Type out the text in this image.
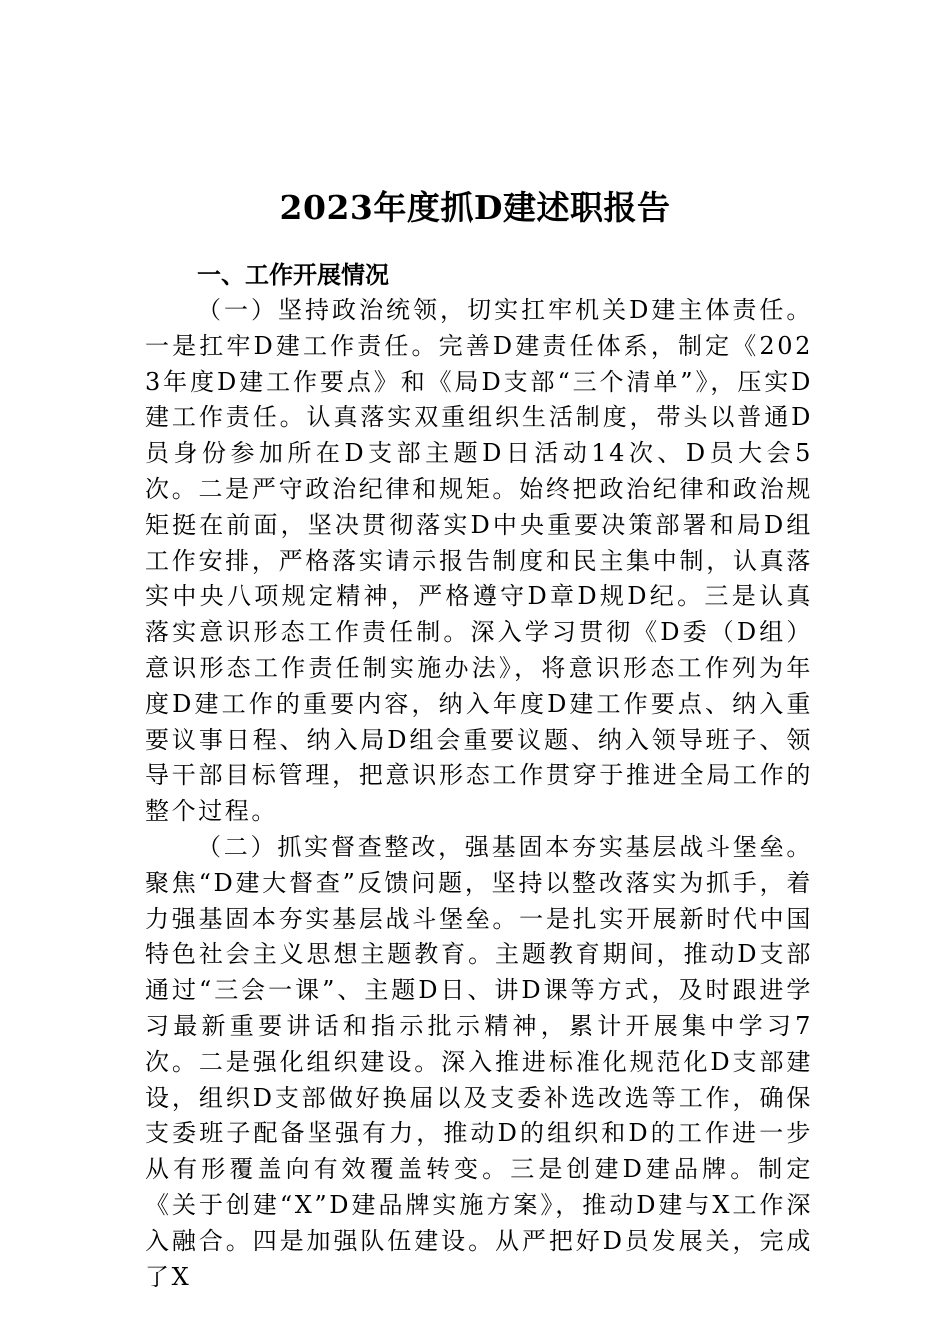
2023年度抓D建述职报告
一、工作开展情况

（一）坚持政治统领，切实扛牢机关D建主体责任。一是扛牢D建工作责任。完善D建责任体系，制定《2023年度D建工作要点》和《局D支部“三个清单”》，压实D建工作责任。认真落实双重组织生活制度，带头以普通D员身份参加所在D支部主题D日活动14次、D员大会5次。二是严守政治纪律和规矩。始终把政治纪律和政治规矩挺在前面，坚决贯彻落实D中央重要决策部署和局D组工作安排，严格落实请示报告制度和民主集中制，认真落实中央八项规定精神，严格遵守D章D规D纪。三是认真落实意识形态工作责任制。深入学习贯彻《D委（D组）意识形态工作责任制实施办法》，将意识形态工作列为年度D建工作的重要内容，纳入年度D建工作要点、纳入重要议事日程、纳入局D组会重要议题、纳入领导班子、领导干部目标管理，把意识形态工作贯穿于推进全局工作的整个过程。

（二）抓实督查整改，强基固本夯实基层战斗堡垒。聚焦“D建大督查”反馈问题，坚持以整改落实为抓手，着力强基固本夯实基层战斗堡垒。一是扎实开展新时代中国特色社会主义思想主题教育。主题教育期间，推动D支部通过“三会一课”、主题D日、讲D课等方式，及时跟进学习最新重要讲话和指示批示精神，累计开展集中学习7次。二是强化组织建设。深入推进标准化规范化D支部建设，组织D支部做好换届以及支委补选改选等工作，确保支委班子配备坚强有力，推动D的组织和D的工作进一步从有形覆盖向有效覆盖转变。三是创建D建品牌。制定《关于创建“X”D建品牌实施方案》，推动D建与X工作深入融合。四是加强队伍建设。从严把好D员发展关，完成了X
